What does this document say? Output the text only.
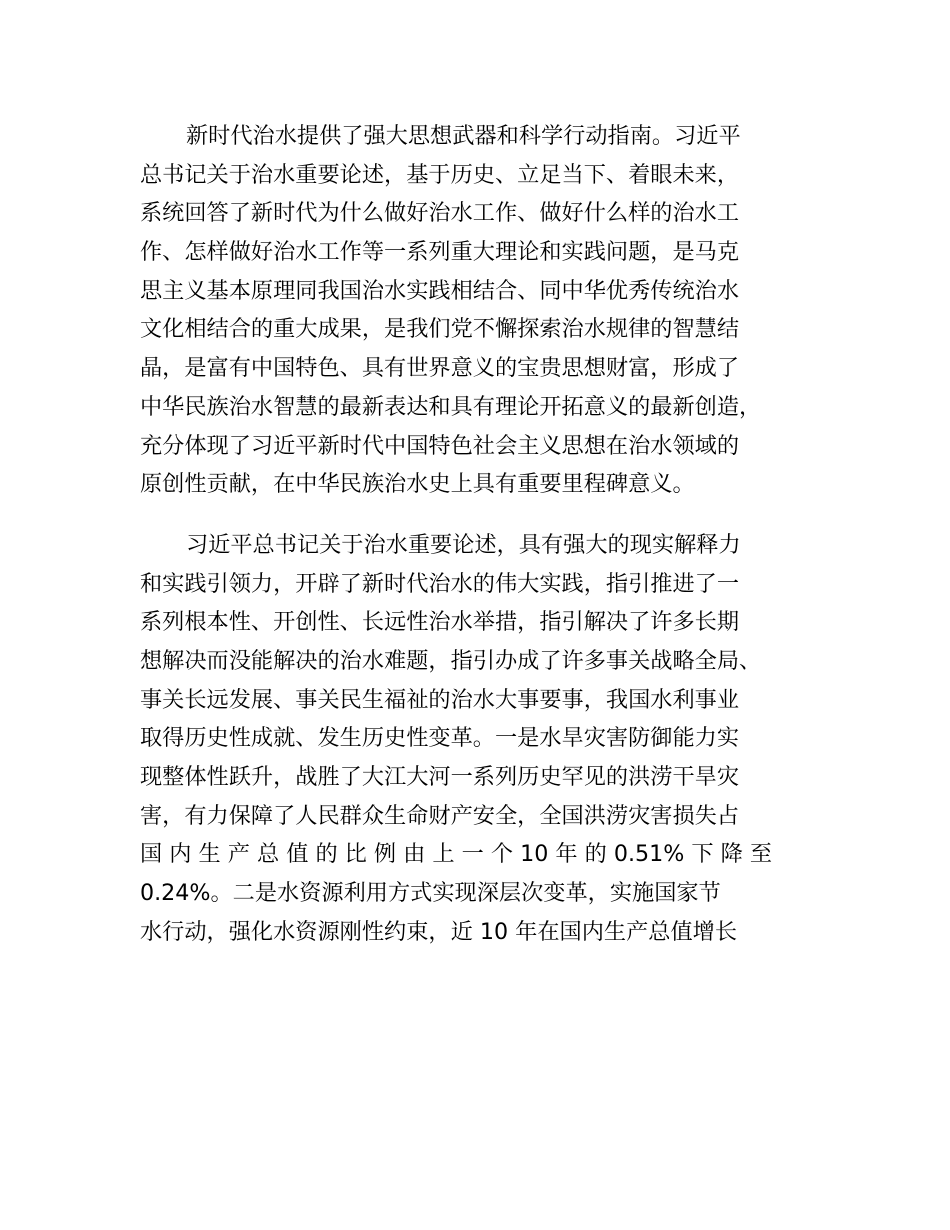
新时代治水提供了强大思想武器和科学行动指南。习近平
总书记关于治水重要论述，基于历史、立足当下、着眼未来，
系统回答了新时代为什么做好治水工作、做好什么样的治水工
作、怎样做好治水工作等一系列重大理论和实践问题，是马克
思主义基本原理同我国治水实践相结合、同中华优秀传统治水
文化相结合的重大成果，是我们党不懈探索治水规律的智慧结
晶，是富有中国特色、具有世界意义的宝贵思想财富，形成了
中华民族治水智慧的最新表达和具有理论开拓意义的最新创造，
充分体现了习近平新时代中国特色社会主义思想在治水领域的
原创性贡献，在中华民族治水史上具有重要里程碑意义。
习近平总书记关于治水重要论述，具有强大的现实解释力
和实践引领力，开辟了新时代治水的伟大实践，指引推进了一
系列根本性、开创性、长远性治水举措，指引解决了许多长期
想解决而没能解决的治水难题，指引办成了许多事关战略全局、
事关长远发展、事关民生福祉的治水大事要事，我国水利事业
取得历史性成就、发生历史性变革。一是水旱灾害防御能力实
现整体性跃升，战胜了大江大河一系列历史罕见的洪涝干旱灾
害，有力保障了人民群众生命财产安全，全国洪涝灾害损失占
国 内 生 产 总 值 的 比 例 由 上 一 个 10 年 的 0.51% 下 降 至
0.24%。二是水资源利用方式实现深层次变革，实施国家节
水行动，强化水资源刚性约束，近 10 年在国内生产总值增长
